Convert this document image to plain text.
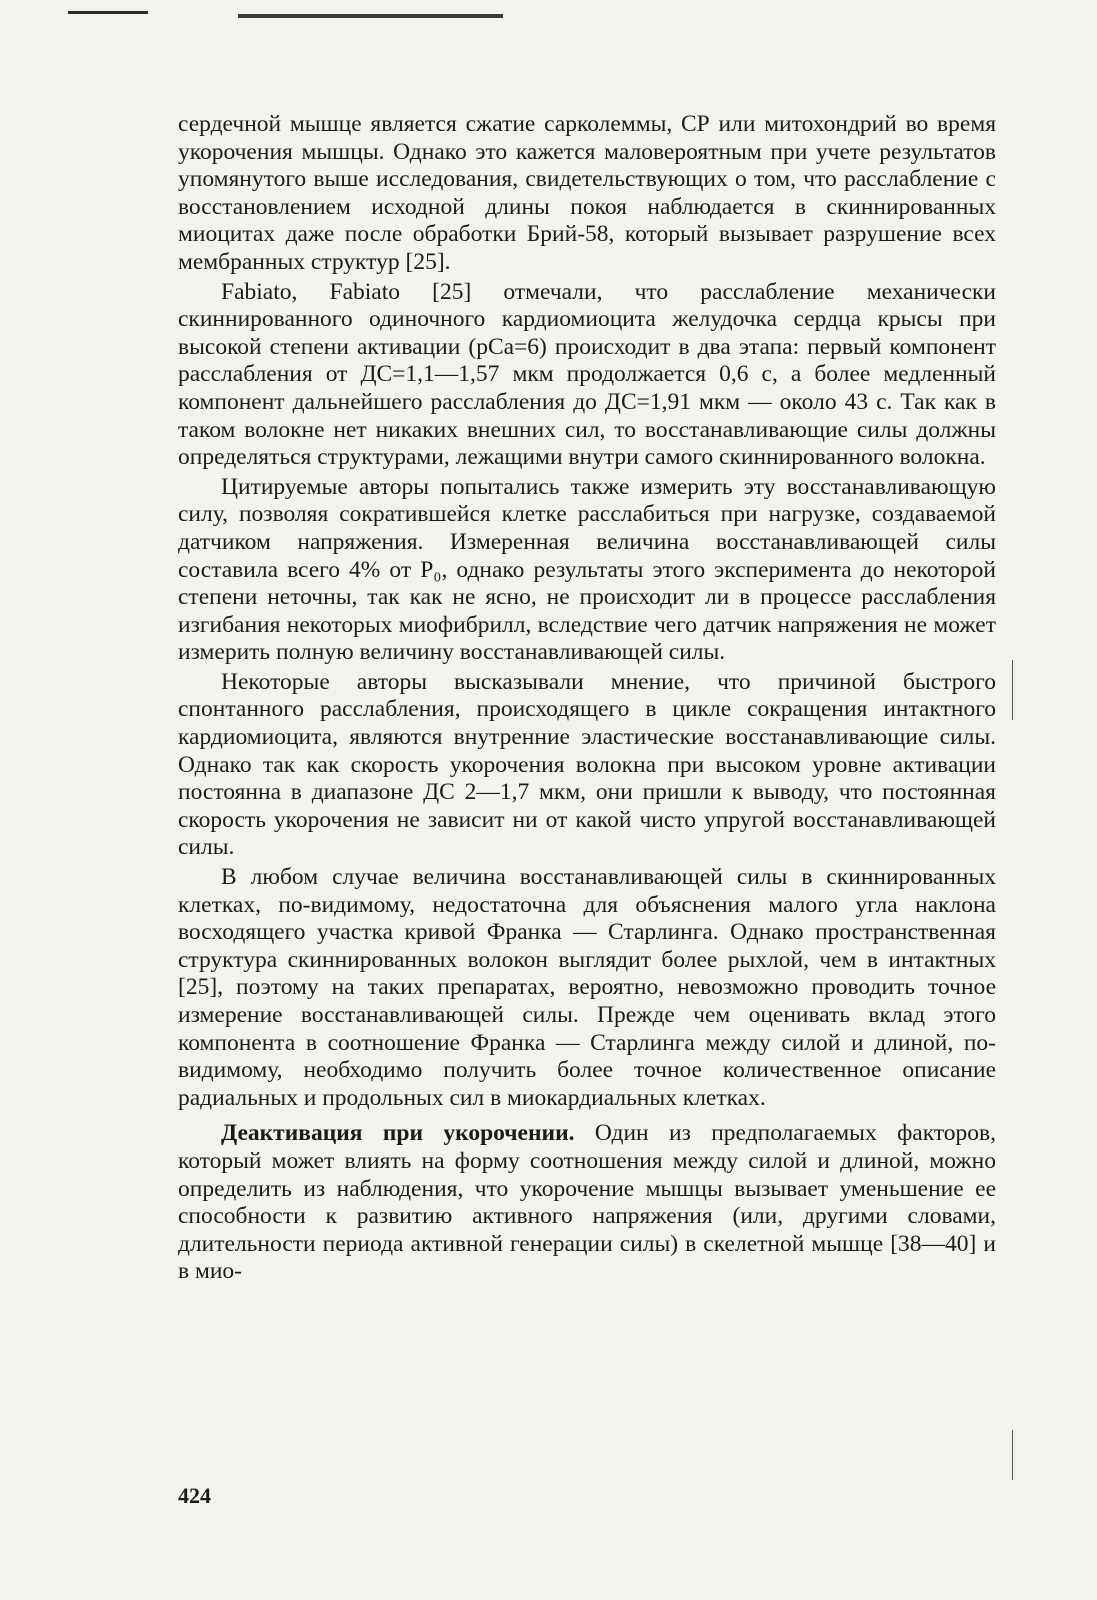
сердечной мышце является сжатие сарколеммы, СР или митохондрий во время укорочения мышцы. Однако это кажется маловероятным при учете результатов упомянутого выше исследования, свидетельствующих о том, что расслабление с восстановлением исходной длины покоя наблюдается в скиннированных миоцитах даже после обработки Брий-58, который вызывает разрушение всех мембранных структур [25].

Fabiato, Fabiato [25] отмечали, что расслабление механически скиннированного одиночного кардиомиоцита желудочка сердца крысы при высокой степени активации (pCa=6) происходит в два этапа: первый компонент расслабления от ДС=1,1—1,57 мкм продолжается 0,6 с, а более медленный компонент дальнейшего расслабления до ДС=1,91 мкм — около 43 с. Так как в таком волокне нет никаких внешних сил, то восстанавливающие силы должны определяться структурами, лежащими внутри самого скиннированного волокна.

Цитируемые авторы попытались также измерить эту восстанавливающую силу, позволяя сократившейся клетке расслабиться при нагрузке, создаваемой датчиком напряжения. Измеренная величина восстанавливающей силы составила всего 4% от P₀, однако результаты этого эксперимента до некоторой степени неточны, так как не ясно, не происходит ли в процессе расслабления изгибания некоторых миофибрилл, вследствие чего датчик напряжения не может измерить полную величину восстанавливающей силы.

Некоторые авторы высказывали мнение, что причиной быстрого спонтанного расслабления, происходящего в цикле сокращения интактного кардиомиоцита, являются внутренние эластические восстанавливающие силы. Однако так как скорость укорочения волокна при высоком уровне активации постоянна в диапазоне ДС 2—1,7 мкм, они пришли к выводу, что постоянная скорость укорочения не зависит ни от какой чисто упругой восстанавливающей силы.

В любом случае величина восстанавливающей силы в скиннированных клетках, по-видимому, недостаточна для объяснения малого угла наклона восходящего участка кривой Франка — Старлинга. Однако пространственная структура скиннированных волокон выглядит более рыхлой, чем в интактных [25], поэтому на таких препаратах, вероятно, невозможно проводить точное измерение восстанавливающей силы. Прежде чем оценивать вклад этого компонента в соотношение Франка — Старлинга между силой и длиной, по-видимому, необходимо получить более точное количественное описание радиальных и продольных сил в миокардиальных клетках.

Деактивация при укорочении. Один из предполагаемых факторов, который может влиять на форму соотношения между силой и длиной, можно определить из наблюдения, что укорочение мышцы вызывает уменьшение ее способности к развитию активного напряжения (или, другими словами, длительности периода активной генерации силы) в скелетной мышце [38—40] и в мио-

424
